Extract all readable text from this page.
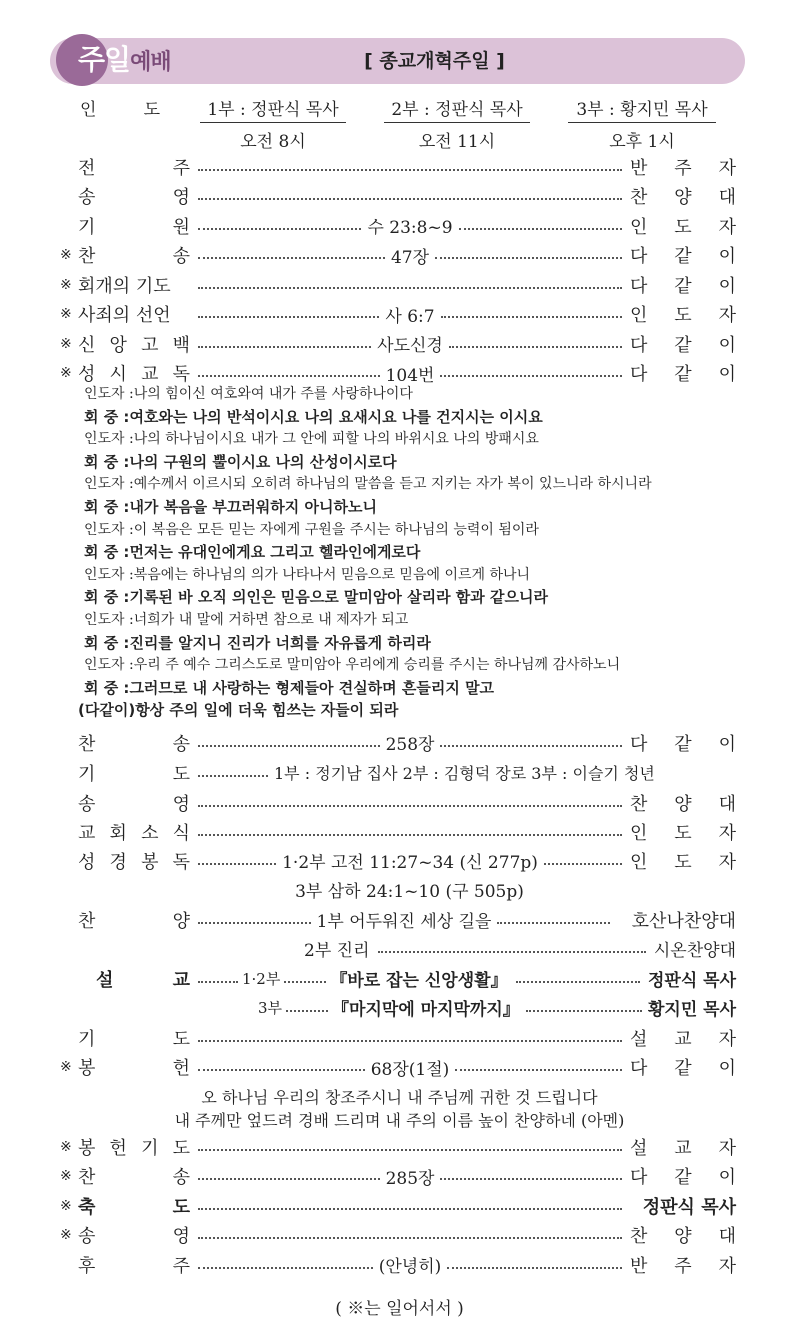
주일예배	[ 종교개혁주일 ]
인	도	1부 : 정판식 목사
오전 8시
2부 : 정판식 목사
오전 11시
3부 : 황지민 목사
오후 1시
전	주	반 주 자
송	영	찬 양 대
기	원	수 23:8~9	인 도 자
※ 찬	송	47장	다 같 이
※ 회개의 기도	다 같 이
※ 사죄의 선언	사 6:7	인 도 자
※ 신 앙 고 백	사도신경	다 같 이
※ 성 시 교 독	104번	다 같 이
인도자 :나의 힘이신 여호와여 내가 주를 사랑하나이다
회 중 :여호와는 나의 반석이시요 나의 요새시요 나를 건지시는 이시요
인도자 :나의 하나님이시요 내가 그 안에 피할 나의 바위시요 나의 방패시요
회 중 :나의 구원의 뿔이시요 나의 산성이시로다
인도자 :예수께서 이르시되 오히려 하나님의 말씀을 듣고 지키는 자가 복이 있느니라 하시니라
회 중 :내가 복음을 부끄러워하지 아니하노니
인도자 :이 복음은 모든 믿는 자에게 구원을 주시는 하나님의 능력이 됨이라
회 중 :먼저는 유대인에게요 그리고 헬라인에게로다
인도자 :복음에는 하나님의 의가 나타나서 믿음으로 믿음에 이르게 하나니
회 중 :기록된 바 오직 의인은 믿음으로 말미암아 살리라 함과 같으니라
인도자 :너희가 내 말에 거하면 참으로 내 제자가 되고
회 중 :진리를 알지니 진리가 너희를 자유롭게 하리라
인도자 :우리 주 예수 그리스도로 말미암아 우리에게 승리를 주시는 하나님께 감사하노니
회 중 :그러므로 내 사랑하는 형제들아 견실하며 흔들리지 말고
(다같이)항상 주의 일에 더욱 힘쓰는 자들이 되라
찬	송	258장	다 같 이
기	도	1부 : 정기남 집사 2부 : 김형덕 장로 3부 : 이슬기 청년
송	영	찬 양 대
교 회 소 식	인 도 자
성 경 봉 독	1·2부 고전 11:27~34 (신 277p)	인 도 자
3부 삼하 24:1~10 (구 505p)
찬	양	1부 어두워진 세상 길을	호산나찬양대
2부 진리	시온찬양대
설	교	1·2부	『바로 잡는 신앙생활』	정판식 목사
3부	『마지막에 마지막까지』	황지민 목사
기	도	설 교 자
※ 봉	헌	68장(1절)	다 같 이
오 하나님 우리의 창조주시니 내 주님께 귀한 것 드립니다
내 주께만 엎드려 경배 드리며 내 주의 이름 높이 찬양하네 (아멘)
※ 봉 헌 기 도	설 교 자
※ 찬	송	285장	다 같 이
※ 축	도	정판식 목사
※ 송	영	찬 양 대
후	주	(안녕히)	반 주 자
( ※는 일어서서 )
